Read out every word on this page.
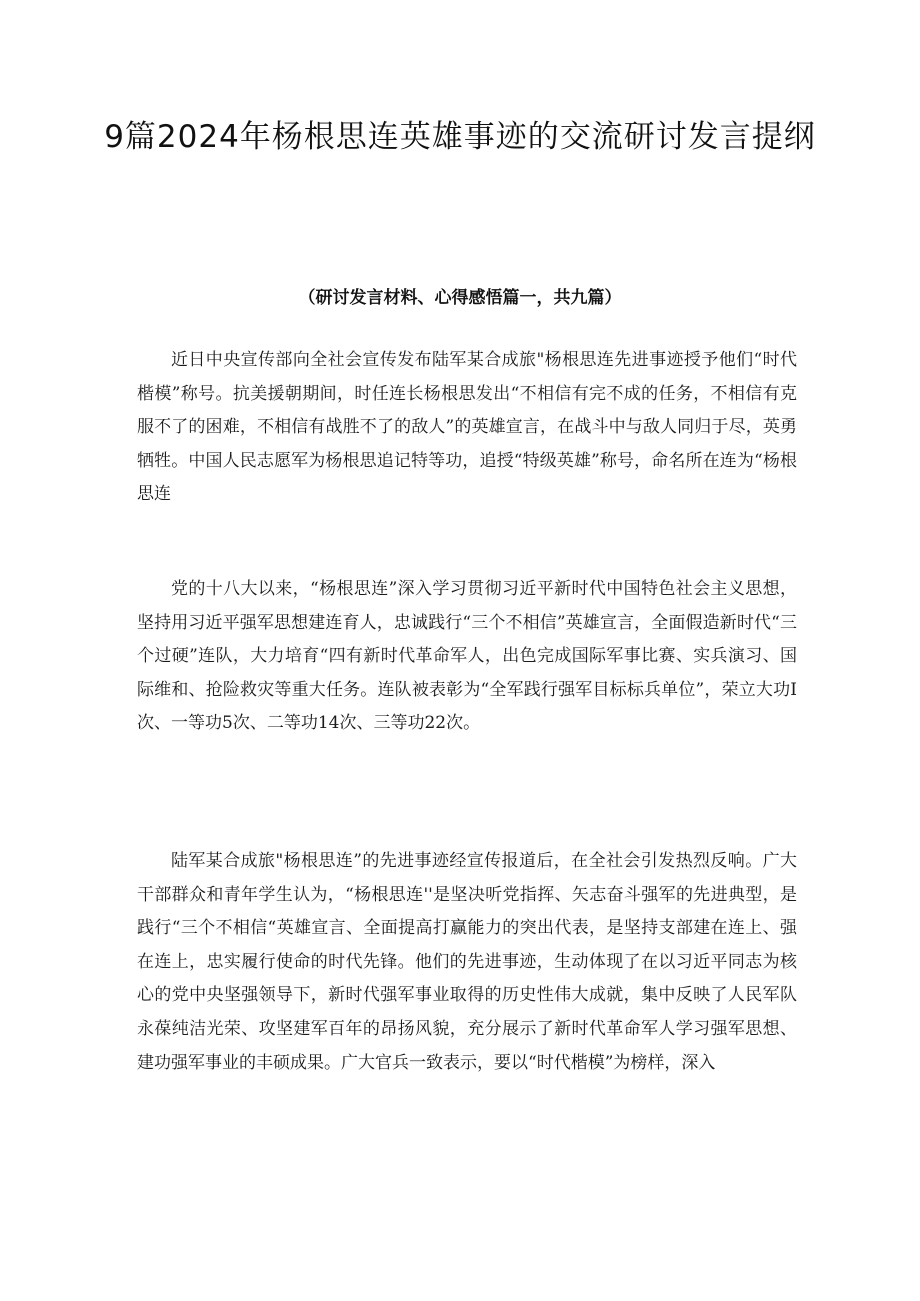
9篇2024年杨根思连英雄事迹的交流研讨发言提纲

（研讨发言材料、心得感悟篇一，共九篇）

近日中央宣传部向全社会宣传发布陆军某合成旅"杨根思连先进事迹授予他们“时代楷模”称号。抗美援朝期间，时任连长杨根思发出“不相信有完不成的任务，不相信有克服不了的困难，不相信有战胜不了的敌人”的英雄宣言，在战斗中与敌人同归于尽，英勇牺牲。中国人民志愿军为杨根思追记特等功，追授“特级英雄”称号，命名所在连为“杨根思连

党的十八大以来，“杨根思连”深入学习贯彻习近平新时代中国特色社会主义思想，坚持用习近平强军思想建连育人，忠诚践行“三个不相信”英雄宣言，全面假造新时代“三个过硬”连队，大力培育“四有新时代革命军人，出色完成国际军事比赛、实兵演习、国际维和、抢险救灾等重大任务。连队被表彰为“全军践行强军目标标兵单位”，荣立大功I次、一等功5次、二等功14次、三等功22次。

陆军某合成旅"杨根思连”的先进事迹经宣传报道后，在全社会引发热烈反响。广大干部群众和青年学生认为，“杨根思连''是坚决听党指挥、矢志奋斗强军的先进典型，是践行“三个不相信“英雄宣言、全面提高打赢能力的突出代表，是坚持支部建在连上、强在连上，忠实履行使命的时代先锋。他们的先进事迹，生动体现了在以习近平同志为核心的党中央坚强领导下，新时代强军事业取得的历史性伟大成就，集中反映了人民军队永葆纯洁光荣、攻坚建军百年的昂扬风貌，充分展示了新时代革命军人学习强军思想、建功强军事业的丰硕成果。广大官兵一致表示，要以“时代楷模”为榜样，深入
